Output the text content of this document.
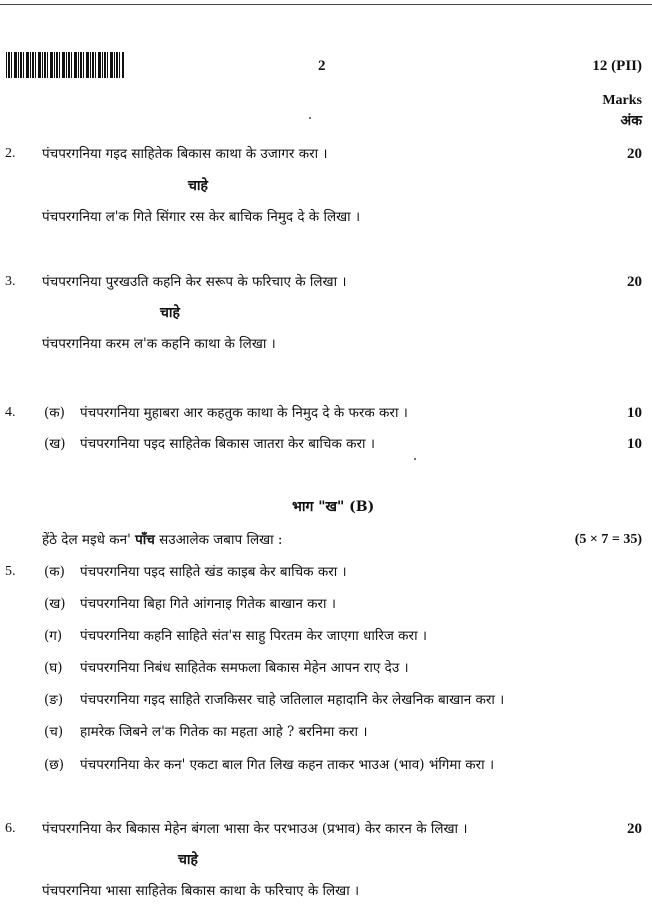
2	12 (PII)
Marks
अंक
2. पंचपरगनिया गइद साहितेक बिकास काथा के उजागर करा ।	20
चाहे
पंचपरगनिया ल'क गिते सिंगार रस केर बाचिक निमुद दे के लिखा ।
3. पंचपरगनिया पुरखउति कहनि केर सरूप के फरिचाए के लिखा ।	20
चाहे
पंचपरगनिया करम ल'क कहनि काथा के लिखा ।
4. (क) पंचपरगनिया मुहाबरा आर कहतुक काथा के निमुद दे के फरक करा ।	10
(ख) पंचपरगनिया पइद साहितेक बिकास जातरा केर बाचिक करा ।	10
भाग "ख" (B)
हेंठे देल मइधे कन' पाँच सउआलेक जबाप लिखा :	(5 × 7 = 35)
5. (क) पंचपरगनिया पइद साहिते खंड काइब केर बाचिक करा ।
(ख) पंचपरगनिया बिहा गिते आंगनाइ गितेक बाखान करा ।
(ग) पंचपरगनिया कहनि साहिते संत'स साहु पिरतम केर जाएगा धारिज करा ।
(घ) पंचपरगनिया निबंध साहितेक समफला बिकास मेहेन आपन राए देउ ।
(ङ) पंचपरगनिया गइद साहिते राजकिसर चाहे जतिलाल महादानि केर लेखनिक बाखान करा ।
(च) हामरेक जिबने ल'क गितेक का महता आहे ? बरनिमा करा ।
(छ) पंचपरगनिया केर कन' एकटा बाल गित लिख कहन ताकर भाउअ (भाव) भंगिमा करा ।
6. पंचपरगनिया केर बिकास मेहेन बंगला भासा केर परभाउअ (प्रभाव) केर कारन के लिखा ।	20
चाहे
पंचपरगनिया भासा साहितेक बिकास काथा के फरिचाए के लिखा ।
